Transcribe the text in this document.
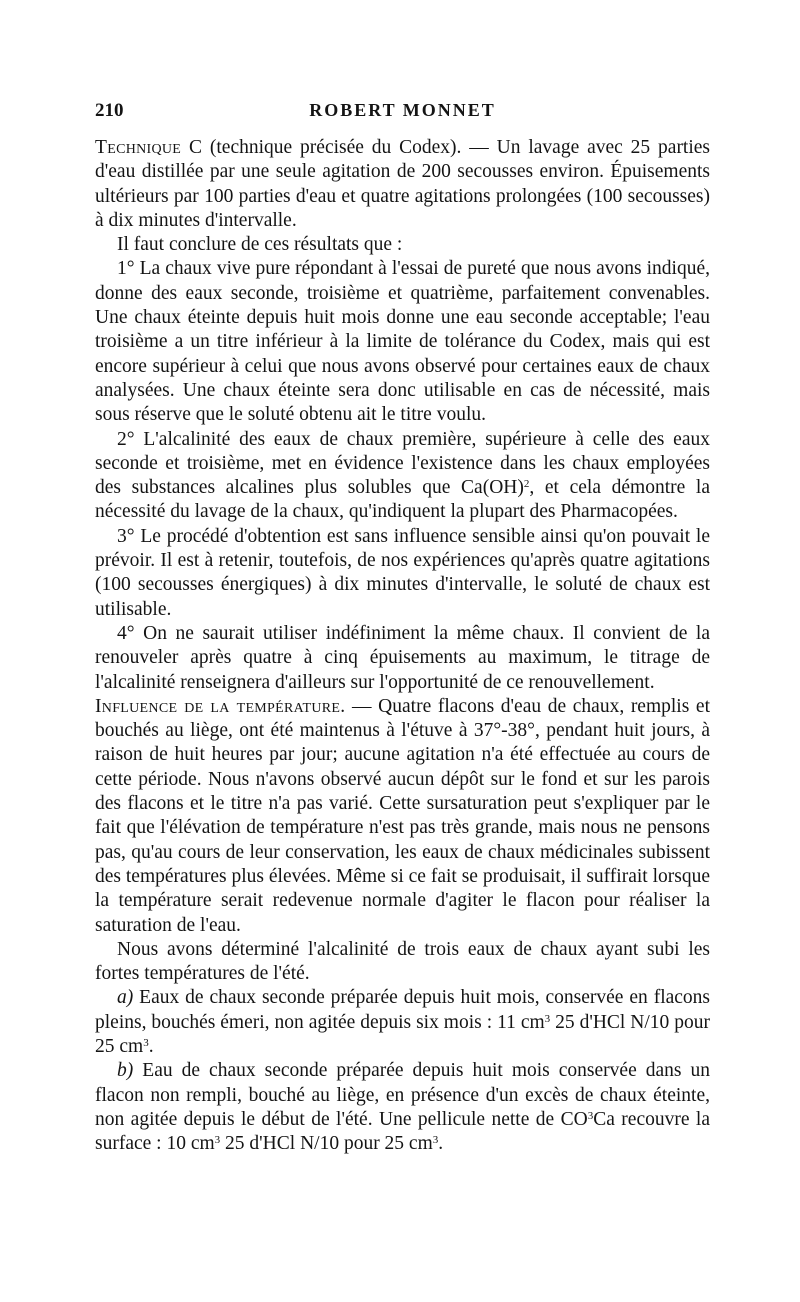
210	ROBERT MONNET

Technique C (technique précisée du Codex). — Un lavage avec 25 parties d'eau distillée par une seule agitation de 200 secousses environ. Épuisements ultérieurs par 100 parties d'eau et quatre agitations prolongées (100 secousses) à dix minutes d'intervalle.

Il faut conclure de ces résultats que :

1° La chaux vive pure répondant à l'essai de pureté que nous avons indiqué, donne des eaux seconde, troisième et quatrième, parfaitement convenables. Une chaux éteinte depuis huit mois donne une eau seconde acceptable; l'eau troisième a un titre inférieur à la limite de tolérance du Codex, mais qui est encore supérieur à celui que nous avons observé pour certaines eaux de chaux analysées. Une chaux éteinte sera donc utilisable en cas de nécessité, mais sous réserve que le soluté obtenu ait le titre voulu.

2° L'alcalinité des eaux de chaux première, supérieure à celle des eaux seconde et troisième, met en évidence l'existence dans les chaux employées des substances alcalines plus solubles que Ca(OH)$^2$, et cela démontre la nécessité du lavage de la chaux, qu'indiquent la plupart des Pharmacopées.

3° Le procédé d'obtention est sans influence sensible ainsi qu'on pouvait le prévoir. Il est à retenir, toutefois, de nos expériences qu'après quatre agitations (100 secousses énergiques) à dix minutes d'intervalle, le soluté de chaux est utilisable.

4° On ne saurait utiliser indéfiniment la même chaux. Il convient de la renouveler après quatre à cinq épuisements au maximum, le titrage de l'alcalinité renseignera d'ailleurs sur l'opportunité de ce renouvellement.

Influence de la température. — Quatre flacons d'eau de chaux, remplis et bouchés au liège, ont été maintenus à l'étuve à 37°-38°, pendant huit jours, à raison de huit heures par jour; aucune agitation n'a été effectuée au cours de cette période. Nous n'avons observé aucun dépôt sur le fond et sur les parois des flacons et le titre n'a pas varié. Cette sursaturation peut s'expliquer par le fait que l'élévation de température n'est pas très grande, mais nous ne pensons pas, qu'au cours de leur conservation, les eaux de chaux médicinales subissent des températures plus élevées. Même si ce fait se produisait, il suffirait lorsque la température serait redevenue normale d'agiter le flacon pour réaliser la saturation de l'eau.

Nous avons déterminé l'alcalinité de trois eaux de chaux ayant subi les fortes températures de l'été.

a) Eaux de chaux seconde préparée depuis huit mois, conservée en flacons pleins, bouchés émeri, non agitée depuis six mois : 11 $cm^3$ 25 d'HCl N/10 pour 25 $cm^3$.

b) Eau de chaux seconde préparée depuis huit mois conservée dans un flacon non rempli, bouché au liège, en présence d'un excès de chaux éteinte, non agitée depuis le début de l'été. Une pellicule nette de $CO^3Ca$ recouvre la surface : 10 $cm^3$ 25 d'HCl N/10 pour 25 $cm^3$.
